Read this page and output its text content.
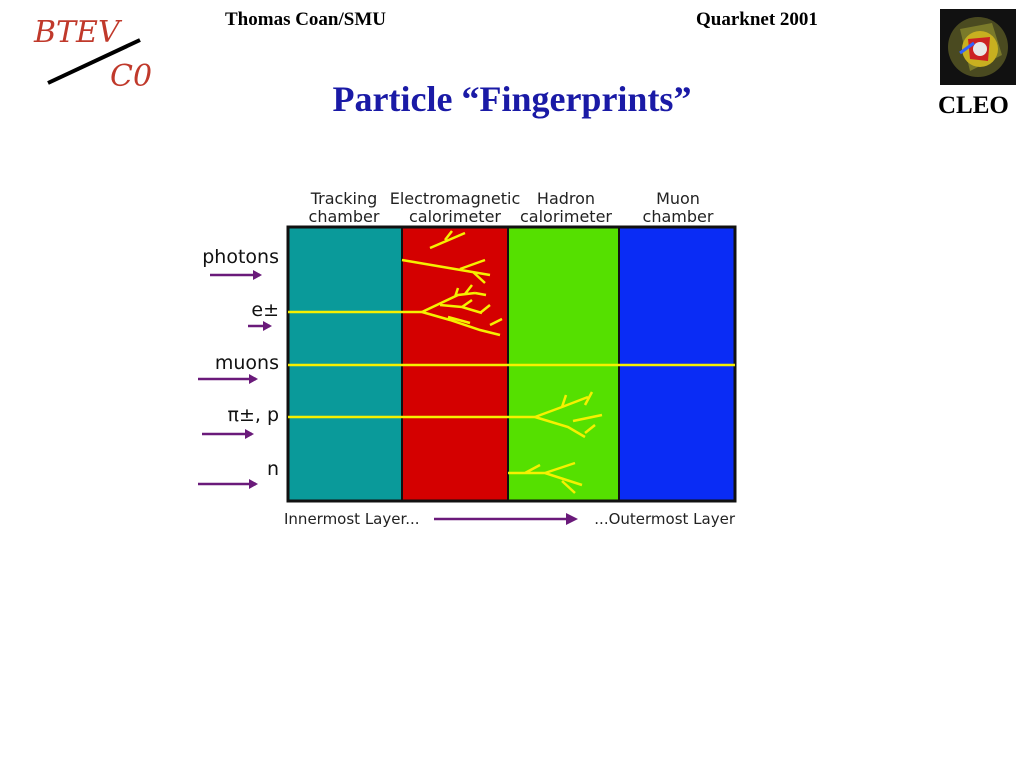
BTEV
C0
Thomas Coan/SMU	Quarknet 2001
CLEO
Particle “Fingerprints”
Tracking
chamber
Electromagnetic
calorimeter
Hadron
calorimeter
Muon
chamber
photons
e±
muons
π±, p
n
Innermost Layer...	...Outermost Layer
